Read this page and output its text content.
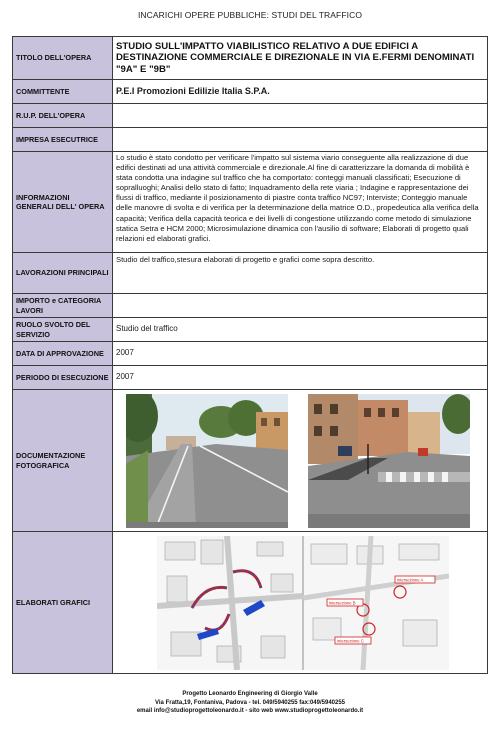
INCARICHI OPERE PUBBLICHE: STUDI DEL TRAFFICO
TITOLO DELL'OPERA	STUDIO SULL'IMPATTO VIABILISTICO RELATIVO A DUE EDIFICI A DESTINAZIONE COMMERCIALE E DIREZIONALE IN VIA E.FERMI DENOMINATI "9A" E "9B"

COMMITTENTE	P.E.I Promozioni Edilizie Italia S.P.A.
R.U.P. DELL'OPERA	
IMPRESA ESECUTRICE	
INFORMAZIONI GENERALI DELL' OPERA	Lo studio è stato condotto per verificare l'impatto sul sistema viario conseguente alla realizzazione di due edifici destinati ad una attività commerciale e direzionale.Al fine di caratterizzare la domanda di mobilità è stata condotta una indagine sul traffico che ha comportato: conteggi manuali classificati; Esecuzione di sopralluoghi; Analisi dello stato di fatto; Inquadramento della rete viaria ; Indagine e rappresentazione dei flussi di traffico, mediante il posizionamento di piastre conta traffico NC97; Interviste; Conteggio manuale delle manovre di svolta e di verifica per la determinazione della matrice O.D., propedeutica alla verifica della capacità; Verifica della capacità teorica e dei livelli di congestione utilizzando come metodo di simulazione statica Setra e HCM 2000; Microsimulazione dinamica con l'ausilio di software; Elaborati di progetto quali relazioni ed elaborati grafici.

LAVORAZIONI PRINCIPALI	Studio del traffico,stesura elaborati di progetto e grafici come sopra descritto.

IMPORTO e CATEGORIA LAVORI	
RUOLO SVOLTO DEL SERVIZIO	Studio del traffico
DATA DI APPROVAZIONE	2007
PERIODO DI ESECUZIONE	2007
DOCUMENTAZIONE FOTOGRAFICA	

ELABORATI GRAFICI	intersezione A
intersezione B
intersezione C
Progetto Leonardo Engineering di Giorgio Valle
Via Fratta,19, Fontaniva, Padova - tel. 049/5940255 fax:049/5940255
email info@studioprogettoleonardo.it - sito web www.studioprogettoleonardo.it
